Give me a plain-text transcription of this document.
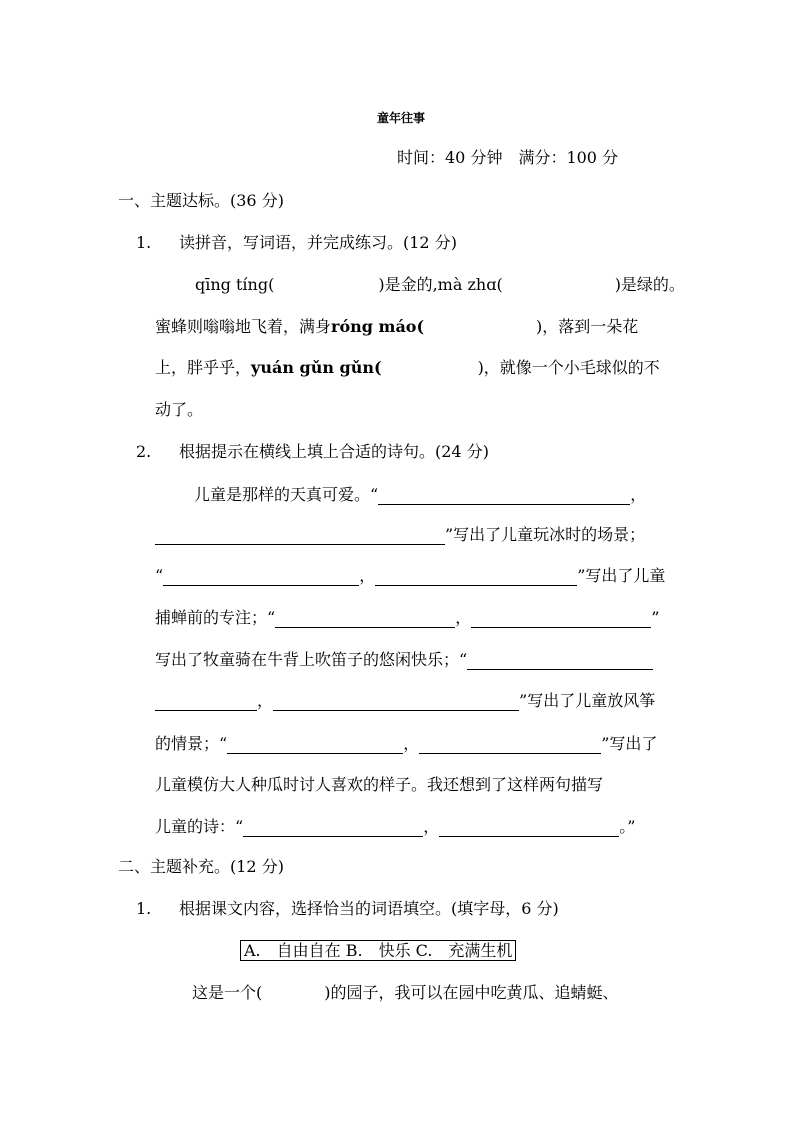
童年往事
时间：40 分钟　满分：100 分
一、主题达标。(36 分)
1. 读拼音，写词语，并完成练习。(12 分)
qīng tíng(	)是金的,mà zhɑ(	)是绿的。
蜜蜂则嗡嗡地飞着，满身róng máo(	)，落到一朵花
上，胖乎乎，yuán gǔn gǔn(	)，就像一个小毛球似的不
动了。
2. 根据提示在横线上填上合适的诗句。(24 分)
儿童是那样的天真可爱。“	，
”写出了儿童玩冰时的场景；
“	，	”写出了儿童
捕蝉前的专注；“	，	”
写出了牧童骑在牛背上吹笛子的悠闲快乐；“
，	”写出了儿童放风筝
的情景；“	，	”写出了
儿童模仿大人种瓜时讨人喜欢的样子。我还想到了这样两句描写
儿童的诗：“	，	。”
二、主题补充。(12 分)
1. 根据课文内容，选择恰当的词语填空。(填字母，6 分)
A.　自由自在 B.　快乐 C.　充满生机
这是一个(	)的园子，我可以在园中吃黄瓜、追蜻蜓、
